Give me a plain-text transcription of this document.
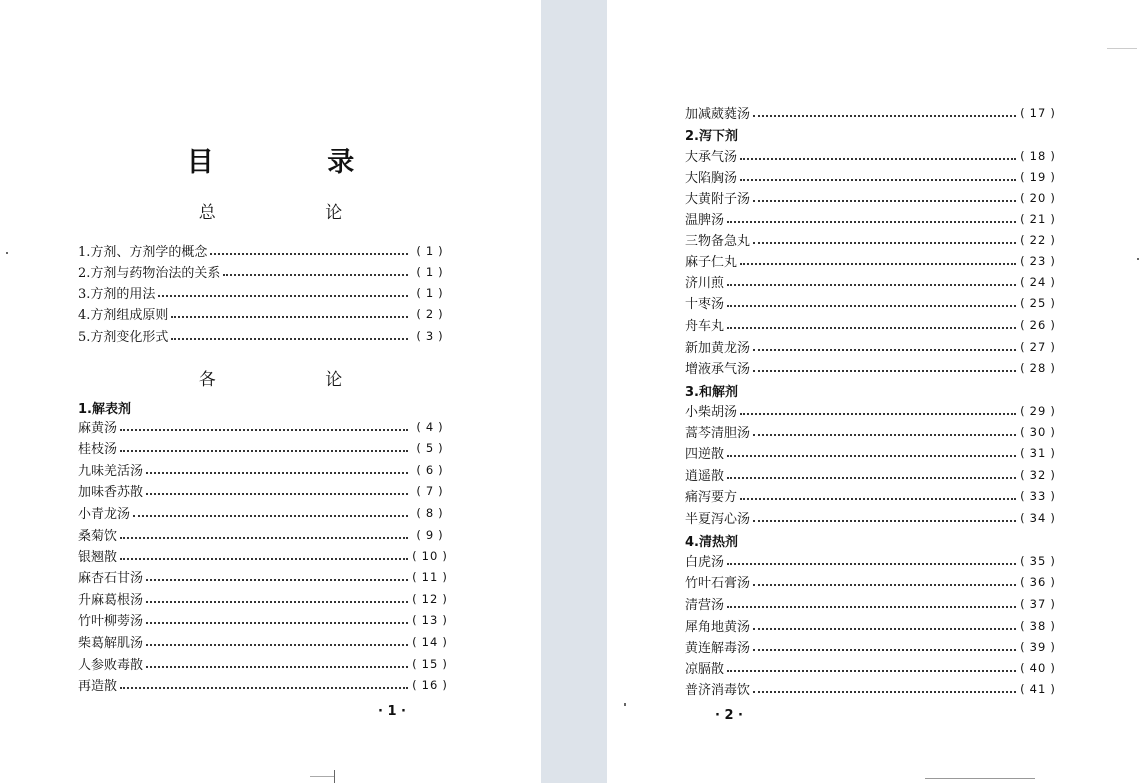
目 录
总 论
1.方剂、方剂学的概念	( 1 )
2.方剂与药物治法的关系	( 1 )
3.方剂的用法	( 1 )
4.方剂组成原则	( 2 )
5.方剂变化形式	( 3 )
各 论
1.解表剂
麻黄汤	( 4 )
桂枝汤	( 5 )
九味羌活汤	( 6 )
加味香苏散	( 7 )
小青龙汤	( 8 )
桑菊饮	( 9 )
银翘散	( 10 )
麻杏石甘汤	( 11 )
升麻葛根汤	( 12 )
竹叶柳蒡汤	( 13 )
柴葛解肌汤	( 14 )
人参败毒散	( 15 )
再造散	( 16 )
· 1 ·
加减葳蕤汤	( 17 )
2.泻下剂
大承气汤	( 18 )
大陷胸汤	( 19 )
大黄附子汤	( 20 )
温脾汤	( 21 )
三物备急丸	( 22 )
麻子仁丸	( 23 )
济川煎	( 24 )
十枣汤	( 25 )
舟车丸	( 26 )
新加黄龙汤	( 27 )
增液承气汤	( 28 )
3.和解剂
小柴胡汤	( 29 )
蒿芩清胆汤	( 30 )
四逆散	( 31 )
逍遥散	( 32 )
痛泻要方	( 33 )
半夏泻心汤	( 34 )
4.清热剂
白虎汤	( 35 )
竹叶石膏汤	( 36 )
清营汤	( 37 )
犀角地黄汤	( 38 )
黄连解毒汤	( 39 )
凉膈散	( 40 )
普济消毒饮	( 41 )
· 2 ·
